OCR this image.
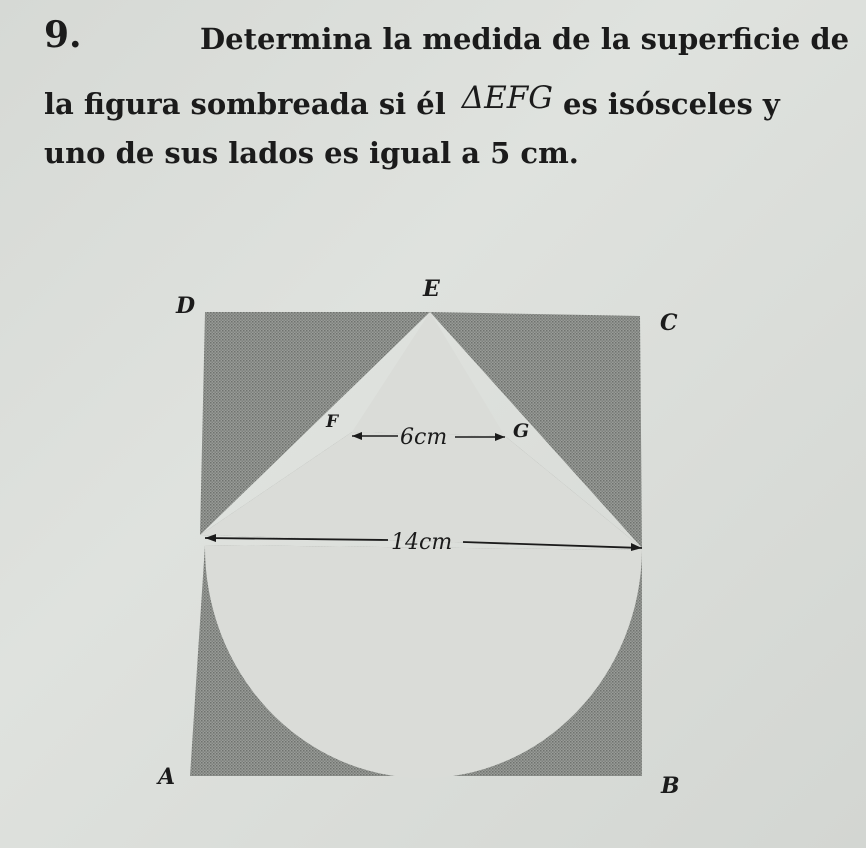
9.	Determina la medida de la superficie de
la figura sombreada si él ΔEFG es isósceles y
uno de sus lados es igual a 5 cm.
6cm
14cm
E
D
C
F	G
A	B
